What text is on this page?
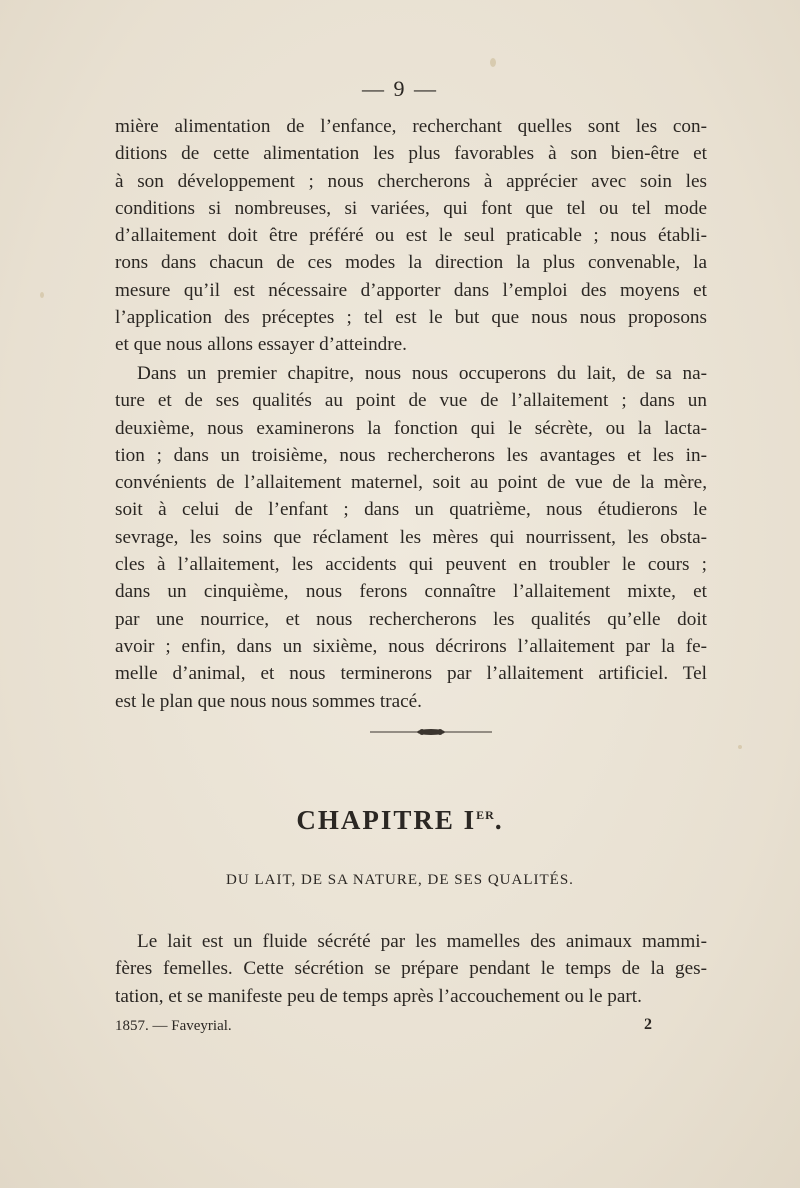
— 9 —
mière alimentation de l’enfance, recherchant quelles sont les con-
ditions de cette alimentation les plus favorables à son bien-être et
à son développement ; nous chercherons à apprécier avec soin les
conditions si nombreuses, si variées, qui font que tel ou tel mode
d’allaitement doit être préféré ou est le seul praticable ; nous établi-
rons dans chacun de ces modes la direction la plus convenable, la
mesure qu’il est nécessaire d’apporter dans l’emploi des moyens et
l’application des préceptes ; tel est le but que nous nous proposons
et que nous allons essayer d’atteindre.
Dans un premier chapitre, nous nous occuperons du lait, de sa na-
ture et de ses qualités au point de vue de l’allaitement ; dans un
deuxième, nous examinerons la fonction qui le sécrète, ou la lacta-
tion ; dans un troisième, nous rechercherons les avantages et les in-
convénients de l’allaitement maternel, soit au point de vue de la mère,
soit à celui de l’enfant ; dans un quatrième, nous étudierons le
sevrage, les soins que réclament les mères qui nourrissent, les obsta-
cles à l’allaitement, les accidents qui peuvent en troubler le cours ;
dans un cinquième, nous ferons connaître l’allaitement mixte, et
par une nourrice, et nous rechercherons les qualités qu’elle doit
avoir ; enfin, dans un sixième, nous décrirons l’allaitement par la fe-
melle d’animal, et nous terminerons par l’allaitement artificiel. Tel
est le plan que nous nous sommes tracé.
CHAPITRE IER.
DU LAIT, DE SA NATURE, DE SES QUALITÉS.
Le lait est un fluide sécrété par les mamelles des animaux mammi-
fères femelles. Cette sécrétion se prépare pendant le temps de la ges-
tation, et se manifeste peu de temps après l’accouchement ou le part.
1857. — Faveyrial.	2
